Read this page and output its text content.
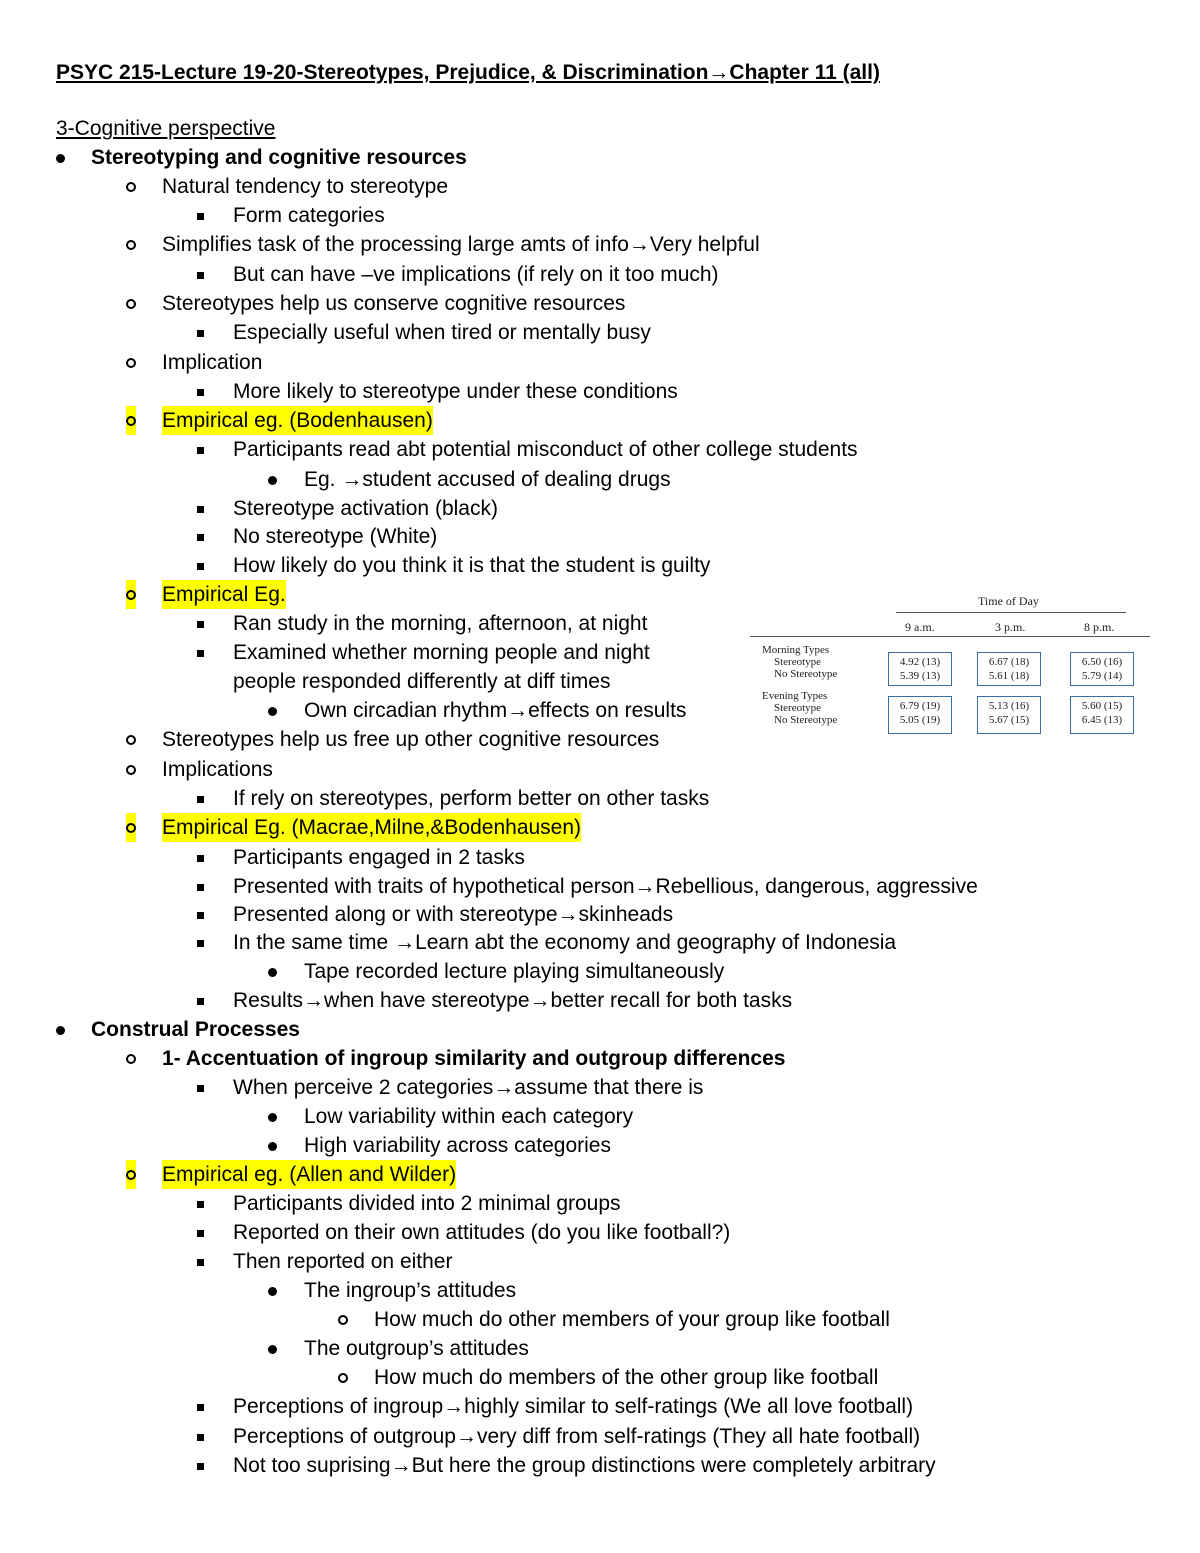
PSYC 215-Lecture 19-20-Stereotypes, Prejudice, & Discrimination→Chapter 11 (all)
3-Cognitive perspective
Stereotyping and cognitive resources
Natural tendency to stereotype
Form categories
Simplifies task of the processing large amts of info→Very helpful
But can have –ve implications (if rely on it too much)
Stereotypes help us conserve cognitive resources
Especially useful when tired or mentally busy
Implication
More likely to stereotype under these conditions
Empirical eg. (Bodenhausen)
Participants read abt potential misconduct of other college students
Eg. →student accused of dealing drugs
Stereotype activation (black)
No stereotype (White)
How likely do you think it is that the student is guilty
Empirical Eg.
Ran study in the morning, afternoon, at night
Examined whether morning people and night
people responded differently at diff times
Own circadian rhythm→effects on results
Stereotypes help us free up other cognitive resources
Implications
If rely on stereotypes, perform better on other tasks
Empirical Eg. (Macrae,Milne,&Bodenhausen)
Participants engaged in 2 tasks
Presented with traits of hypothetical person→Rebellious, dangerous, aggressive
Presented along or with stereotype→skinheads
In the same time →Learn abt the economy and geography of Indonesia
Tape recorded lecture playing simultaneously
Results→when have stereotype→better recall for both tasks
Construal Processes
1- Accentuation of ingroup similarity and outgroup differences
When perceive 2 categories→assume that there is
Low variability within each category
High variability across categories
Empirical eg. (Allen and Wilder)
Participants divided into 2 minimal groups
Reported on their own attitudes (do you like football?)
Then reported on either
The ingroup’s attitudes
How much do other members of your group like football
The outgroup’s attitudes
How much do members of the other group like football
Perceptions of ingroup→highly similar to self-ratings (We all love football)
Perceptions of outgroup→very diff from self-ratings (They all hate football)
Not too suprising→But here the group distinctions were completely arbitrary
Time of Day
9 a.m.	3 p.m.	8 p.m.
Morning Types
Stereotype
No Stereotype
Evening Types
Stereotype
No Stereotype
4.92 (13)
5.39 (13)
6.67 (18)
5.61 (18)
6.50 (16)
5.79 (14)
6.79 (19)
5.05 (19)
5.13 (16)
5.67 (15)
5.60 (15)
6.45 (13)
